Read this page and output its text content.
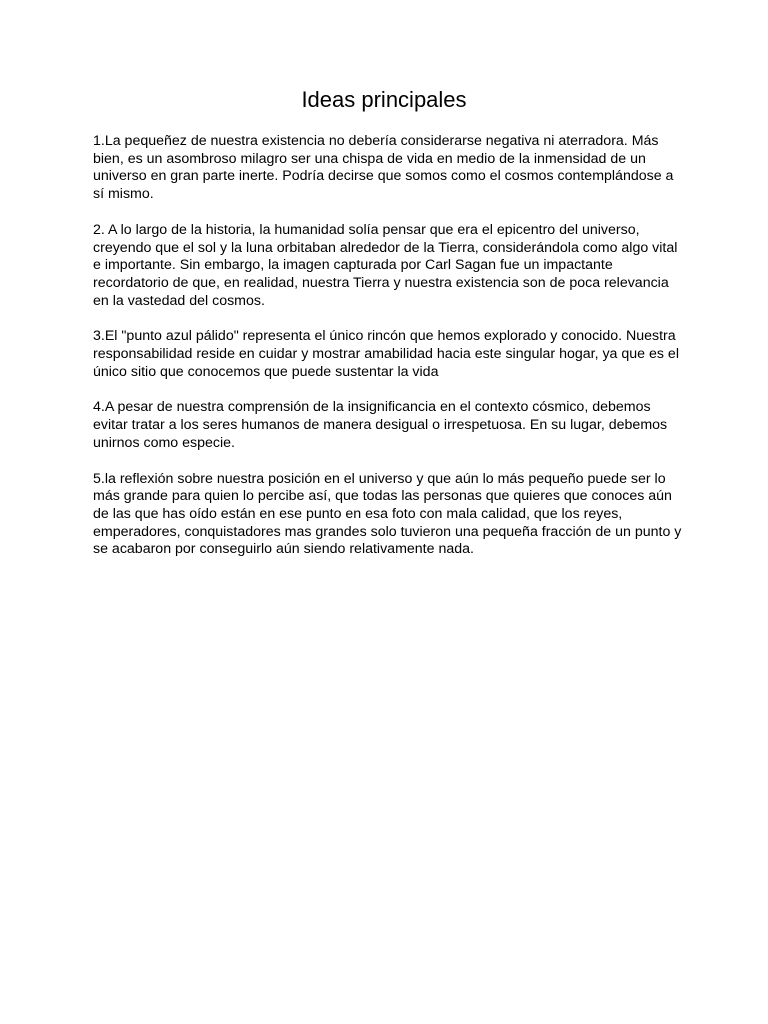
Ideas principales

1.La pequeñez de nuestra existencia no debería considerarse negativa ni aterradora. Más bien, es un asombroso milagro ser una chispa de vida en medio de la inmensidad de un universo en gran parte inerte. Podría decirse que somos como el cosmos contemplándose a sí mismo.

2. A lo largo de la historia, la humanidad solía pensar que era el epicentro del universo, creyendo que el sol y la luna orbitaban alrededor de la Tierra, considerándola como algo vital e importante. Sin embargo, la imagen capturada por Carl Sagan fue un impactante recordatorio de que, en realidad, nuestra Tierra y nuestra existencia son de poca relevancia en la vastedad del cosmos.

3.El "punto azul pálido" representa el único rincón que hemos explorado y conocido. Nuestra responsabilidad reside en cuidar y mostrar amabilidad hacia este singular hogar, ya que es el único sitio que conocemos que puede sustentar la vida

4.A pesar de nuestra comprensión de la insignificancia en el contexto cósmico, debemos evitar tratar a los seres humanos de manera desigual o irrespetuosa. En su lugar, debemos unirnos como especie.

5.la reflexión sobre nuestra posición en el universo y que aún lo más pequeño puede ser lo más grande para quien lo percibe así, que todas las personas que quieres que conoces aún de las que has oído están en ese punto en esa foto con mala calidad, que los reyes, emperadores, conquistadores mas grandes solo tuvieron una pequeña fracción de un punto y se acabaron por conseguirlo aún siendo relativamente nada.
